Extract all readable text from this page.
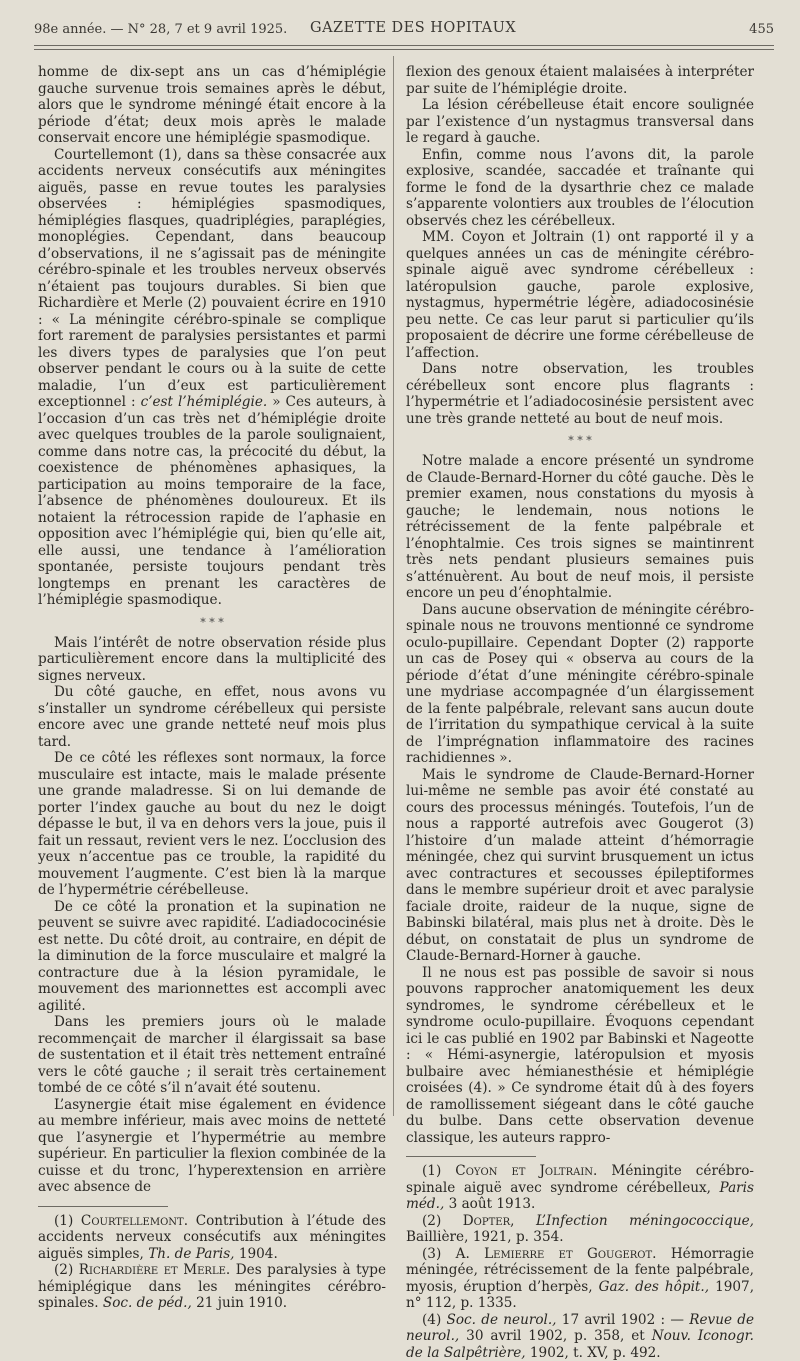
98e année. — N° 28, 7 et 9 avril 1925. GAZETTE DES HOPITAUX	455

homme de dix-sept ans un cas d’hémiplégie gauche survenue trois semaines après le début, alors que le syndrome méningé était encore à la période d’état; deux mois après le malade conservait encore une hémiplégie spasmodique.

Courtellemont (1), dans sa thèse consacrée aux accidents nerveux consécutifs aux méningites aiguës, passe en revue toutes les paralysies observées : hémiplégies spasmodiques, hémiplégies flasques, quadriplégies, paraplégies, monoplégies. Cependant, dans beaucoup d’observations, il ne s’agissait pas de méningite cérébro-spinale et les troubles nerveux observés n’étaient pas toujours durables. Si bien que Richardière et Merle (2) pouvaient écrire en 1910 : « La méningite cérébro-spinale se complique fort rarement de paralysies persistantes et parmi les divers types de paralysies que l’on peut observer pendant le cours ou à la suite de cette maladie, l’un d’eux est particulièrement exceptionnel : c’est l’hémiplégie. » Ces auteurs, à l’occasion d’un cas très net d’hémiplégie droite avec quelques troubles de la parole soulignaient, comme dans notre cas, la précocité du début, la coexistence de phénomènes aphasiques, la participation au moins temporaire de la face, l’absence de phénomènes douloureux. Et ils notaient la rétrocession rapide de l’aphasie en opposition avec l’hémiplégie qui, bien qu’elle ait, elle aussi, une tendance à l’amélioration spontanée, persiste toujours pendant très longtemps en prenant les caractères de l’hémiplégie spasmodique.

* * *

Mais l’intérêt de notre observation réside plus particulièrement encore dans la multiplicité des signes nerveux.

Du côté gauche, en effet, nous avons vu s’installer un syndrome cérébelleux qui persiste encore avec une grande netteté neuf mois plus tard.

De ce côté les réflexes sont normaux, la force musculaire est intacte, mais le malade présente une grande maladresse. Si on lui demande de porter l’index gauche au bout du nez le doigt dépasse le but, il va en dehors vers la joue, puis il fait un ressaut, revient vers le nez. L’occlusion des yeux n’accentue pas ce trouble, la rapidité du mouvement l’augmente. C’est bien là la marque de l’hypermétrie cérébelleuse.

De ce côté la pronation et la supination ne peuvent se suivre avec rapidité. L’adiadococinésie est nette. Du côté droit, au contraire, en dépit de la diminution de la force musculaire et malgré la contracture due à la lésion pyramidale, le mouvement des marionnettes est accompli avec agilité.

Dans les premiers jours où le malade recommençait de marcher il élargissait sa base de sustentation et il était très nettement entraîné vers le côté gauche ; il serait très certainement tombé de ce côté s’il n’avait été soutenu.

L’asynergie était mise également en évidence au membre inférieur, mais avec moins de netteté que l’asynergie et l’hypermétrie au membre supérieur. En particulier la flexion combinée de la cuisse et du tronc, l’hyperextension en arrière avec absence de

(1) Courtellemont. Contribution à l’étude des accidents nerveux consécutifs aux méningites aiguës simples, Th. de Paris, 1904.

(2) Richardière et Merle. Des paralysies à type hémiplégique dans les méningites cérébro-spinales. Soc. de péd., 21 juin 1910.

flexion des genoux étaient malaisées à interpréter par suite de l’hémiplégie droite.

La lésion cérébelleuse était encore soulignée par l’existence d’un nystagmus transversal dans le regard à gauche.

Enfin, comme nous l’avons dit, la parole explosive, scandée, saccadée et traînante qui forme le fond de la dysarthrie chez ce malade s’apparente volontiers aux troubles de l’élocution observés chez les cérébelleux.

MM. Coyon et Joltrain (1) ont rapporté il y a quelques années un cas de méningite cérébro-spinale aiguë avec syndrome cérébelleux : latéropulsion gauche, parole explosive, nystagmus, hypermétrie légère, adiadocosinésie peu nette. Ce cas leur parut si particulier qu’ils proposaient de décrire une forme cérébelleuse de l’affection.

Dans notre observation, les troubles cérébelleux sont encore plus flagrants : l’hypermétrie et l’adiadocosinésie persistent avec une très grande netteté au bout de neuf mois.

* * *

Notre malade a encore présenté un syndrome de Claude-Bernard-Horner du côté gauche. Dès le premier examen, nous constations du myosis à gauche; le lendemain, nous notions le rétrécissement de la fente palpébrale et l’énophtalmie. Ces trois signes se maintinrent très nets pendant plusieurs semaines puis s’atténuèrent. Au bout de neuf mois, il persiste encore un peu d’énophtalmie.

Dans aucune observation de méningite cérébro-spinale nous ne trouvons mentionné ce syndrome oculo-pupillaire. Cependant Dopter (2) rapporte un cas de Posey qui « observa au cours de la période d’état d’une méningite cérébro-spinale une mydriase accompagnée d’un élargissement de la fente palpébrale, relevant sans aucun doute de l’irritation du sympathique cervical à la suite de l’imprégnation inflammatoire des racines rachidiennes ».

Mais le syndrome de Claude-Bernard-Horner lui-même ne semble pas avoir été constaté au cours des processus méningés. Toutefois, l’un de nous a rapporté autrefois avec Gougerot (3) l’histoire d’un malade atteint d’hémorragie méningée, chez qui survint brusquement un ictus avec contractures et secousses épileptiformes dans le membre supérieur droit et avec paralysie faciale droite, raideur de la nuque, signe de Babinski bilatéral, mais plus net à droite. Dès le début, on constatait de plus un syndrome de Claude-Bernard-Horner à gauche.

Il ne nous est pas possible de savoir si nous pouvons rapprocher anatomiquement les deux syndromes, le syndrome cérébelleux et le syndrome oculo-pupillaire. Évoquons cependant ici le cas publié en 1902 par Babinski et Nageotte : « Hémi-asynergie, latéropulsion et myosis bulbaire avec hémianesthésie et hémiplégie croisées (4). » Ce syndrome était dû à des foyers de ramollissement siégeant dans le côté gauche du bulbe. Dans cette observation devenue classique, les auteurs rappro-

(1) Coyon et Joltrain. Méningite cérébro-spinale aiguë avec syndrome cérébelleux, Paris méd., 3 août 1913.

(2) Dopter, L’Infection méningococcique, Baillière, 1921, p. 354.

(3) A. Lemierre et Gougerot. Hémorragie méningée, rétrécissement de la fente palpébrale, myosis, éruption d’herpès, Gaz. des hôpit., 1907, n° 112, p. 1335.

(4) Soc. de neurol., 17 avril 1902 : — Revue de neurol., 30 avril 1902, p. 358, et Nouv. Iconogr. de la Salpêtrière, 1902, t. XV, p. 492.
